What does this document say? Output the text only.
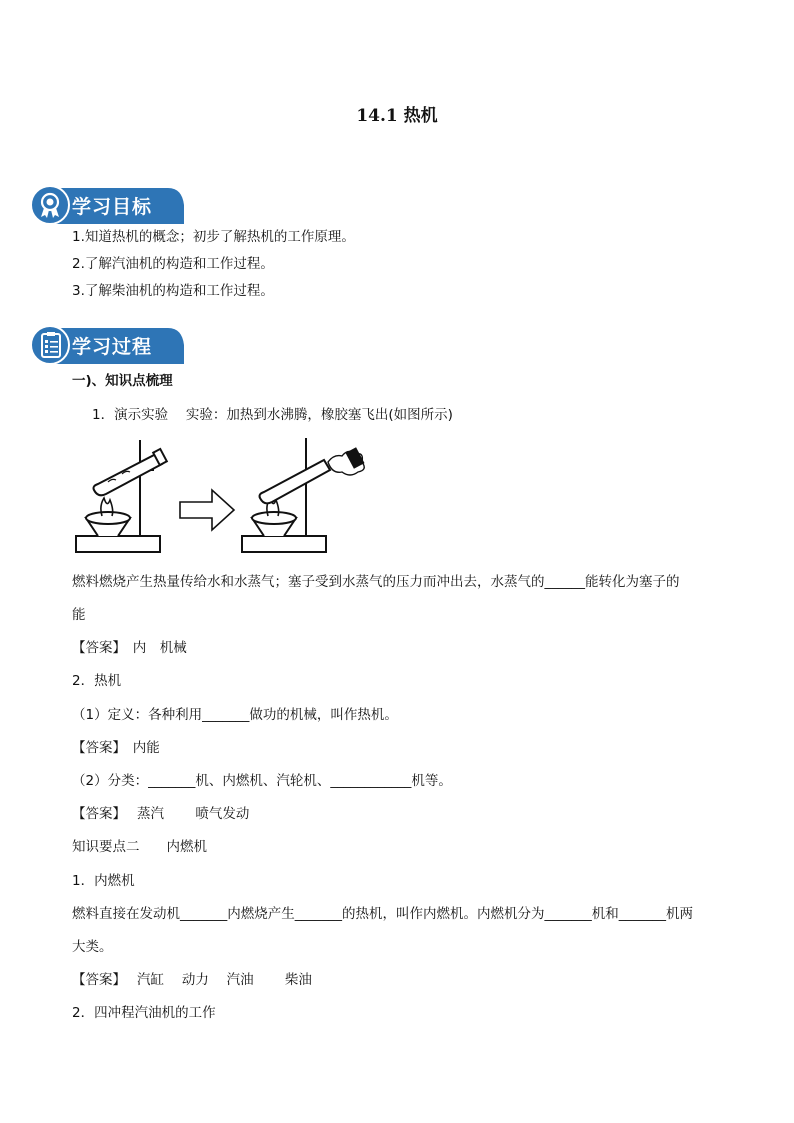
14.1 热机
学习目标
1.知道热机的概念；初步了解热机的工作原理。
2.了解汽油机的构造和工作过程。
3.了解柴油机的构造和工作过程。
学习过程
一)、知识点梳理
1．演示实验　 实验：加热到水沸腾，橡胶塞飞出(如图所示)
燃料燃烧产生热量传给水和水蒸气；塞子受到水蒸气的压力而冲出去，水蒸气的______能转化为塞子的
能
【答案】　内　机械
2．热机
（1）定义：各种利用_______做功的机械，叫作热机。
【答案】　内能
（2）分类：_______机、内燃机、汽轮机、____________机等。
【答案】　 蒸汽　　 喷气发动
知识要点二　　内燃机
1．内燃机
燃料直接在发动机_______内燃烧产生_______的热机，叫作内燃机。内燃机分为_______机和_______机两
大类。
【答案】　 汽缸　 动力　 汽油　　 柴油
2．四冲程汽油机的工作
